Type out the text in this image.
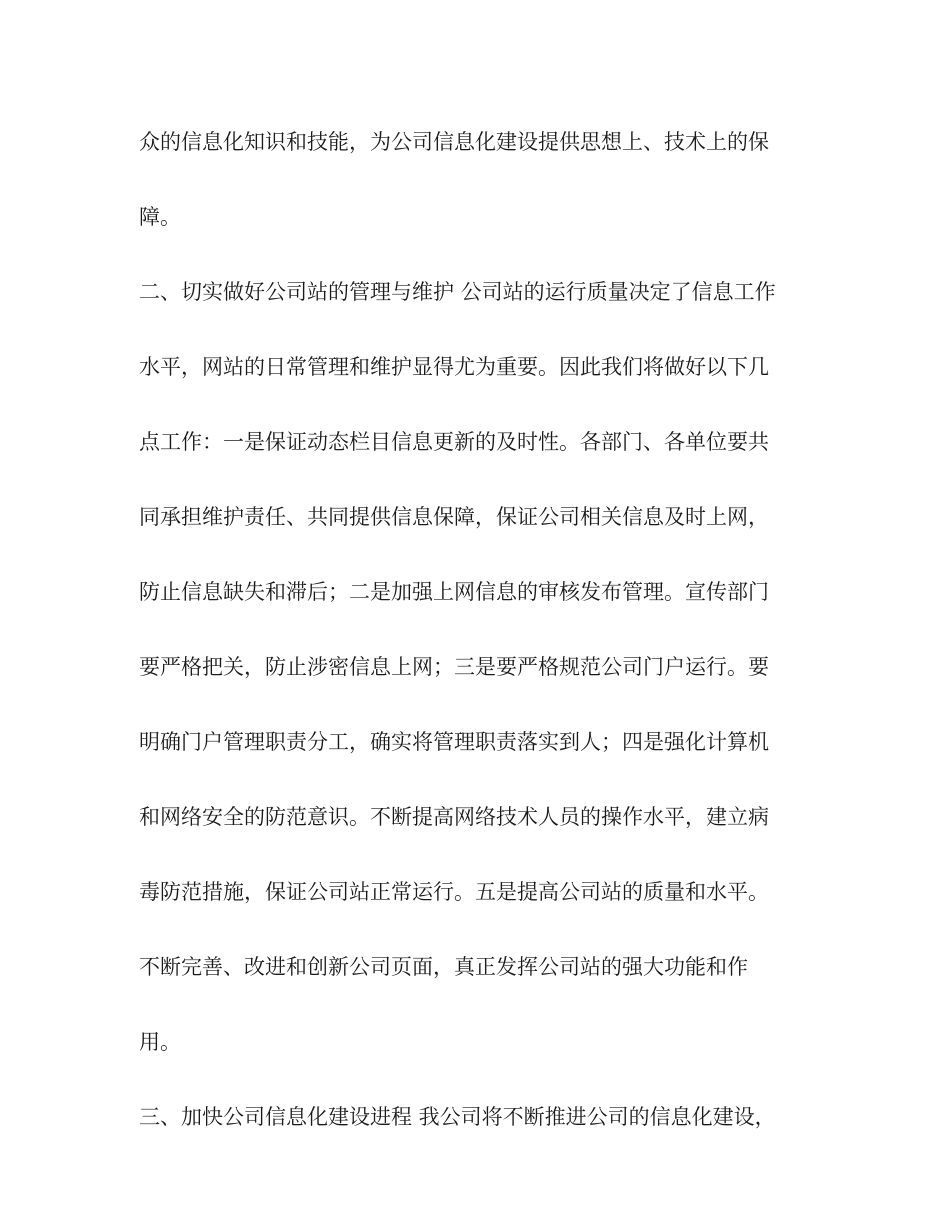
众的信息化知识和技能，为公司信息化建设提供思想上、技术上的保

障。

二、切实做好公司站的管理与维护 公司站的运行质量决定了信息工作

水平，网站的日常管理和维护显得尤为重要。因此我们将做好以下几

点工作：一是保证动态栏目信息更新的及时性。各部门、各单位要共

同承担维护责任、共同提供信息保障，保证公司相关信息及时上网，

防止信息缺失和滞后；二是加强上网信息的审核发布管理。宣传部门

要严格把关，防止涉密信息上网；三是要严格规范公司门户运行。要

明确门户管理职责分工，确实将管理职责落实到人；四是强化计算机

和网络安全的防范意识。不断提高网络技术人员的操作水平，建立病

毒防范措施，保证公司站正常运行。五是提高公司站的质量和水平。

不断完善、改进和创新公司页面，真正发挥公司站的强大功能和作

用。

三、加快公司信息化建设进程 我公司将不断推进公司的信息化建设，
